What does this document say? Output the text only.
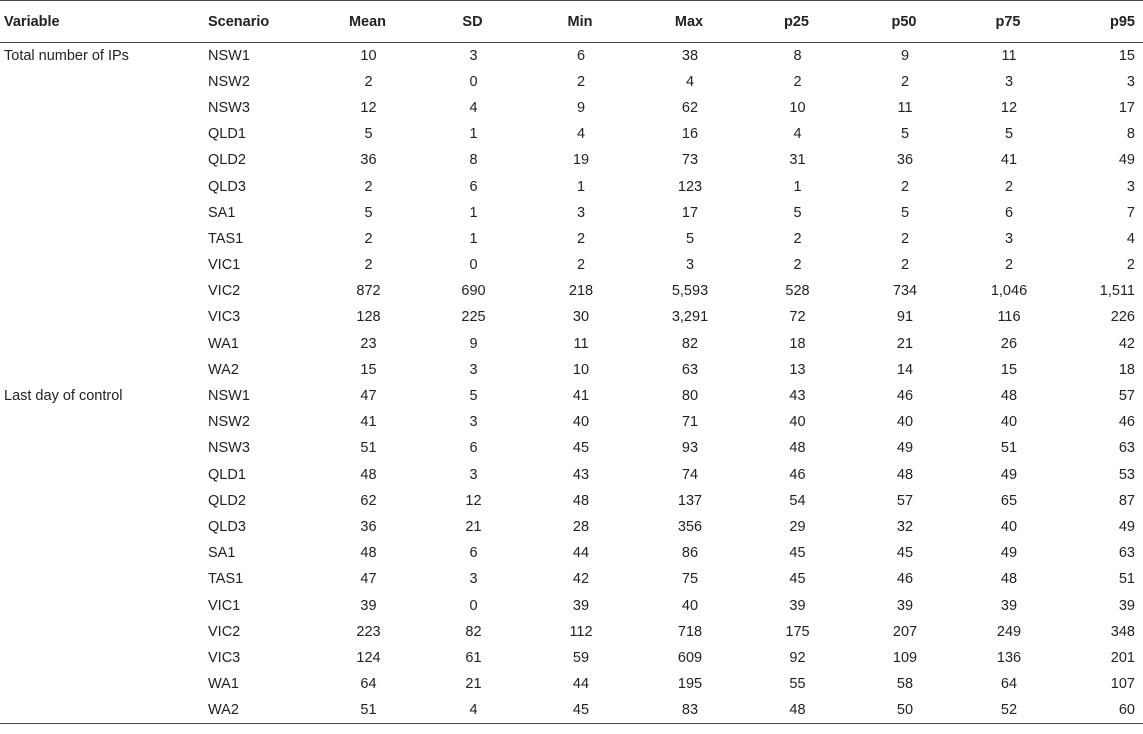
Variable	Scenario	Mean	SD	Min	Max	p25	p50	p75	p95
Total number of IPs	NSW1	10	3	6	38	8	9	11	15
	NSW2	2	0	2	4	2	2	3	3
	NSW3	12	4	9	62	10	11	12	17
	QLD1	5	1	4	16	4	5	5	8
	QLD2	36	8	19	73	31	36	41	49
	QLD3	2	6	1	123	1	2	2	3
	SA1	5	1	3	17	5	5	6	7
	TAS1	2	1	2	5	2	2	3	4
	VIC1	2	0	2	3	2	2	2	2
	VIC2	872	690	218	5,593	528	734	1,046	1,511
	VIC3	128	225	30	3,291	72	91	116	226
	WA1	23	9	11	82	18	21	26	42
	WA2	15	3	10	63	13	14	15	18
Last day of control	NSW1	47	5	41	80	43	46	48	57
	NSW2	41	3	40	71	40	40	40	46
	NSW3	51	6	45	93	48	49	51	63
	QLD1	48	3	43	74	46	48	49	53
	QLD2	62	12	48	137	54	57	65	87
	QLD3	36	21	28	356	29	32	40	49
	SA1	48	6	44	86	45	45	49	63
	TAS1	47	3	42	75	45	46	48	51
	VIC1	39	0	39	40	39	39	39	39
	VIC2	223	82	112	718	175	207	249	348
	VIC3	124	61	59	609	92	109	136	201
	WA1	64	21	44	195	55	58	64	107
	WA2	51	4	45	83	48	50	52	60
